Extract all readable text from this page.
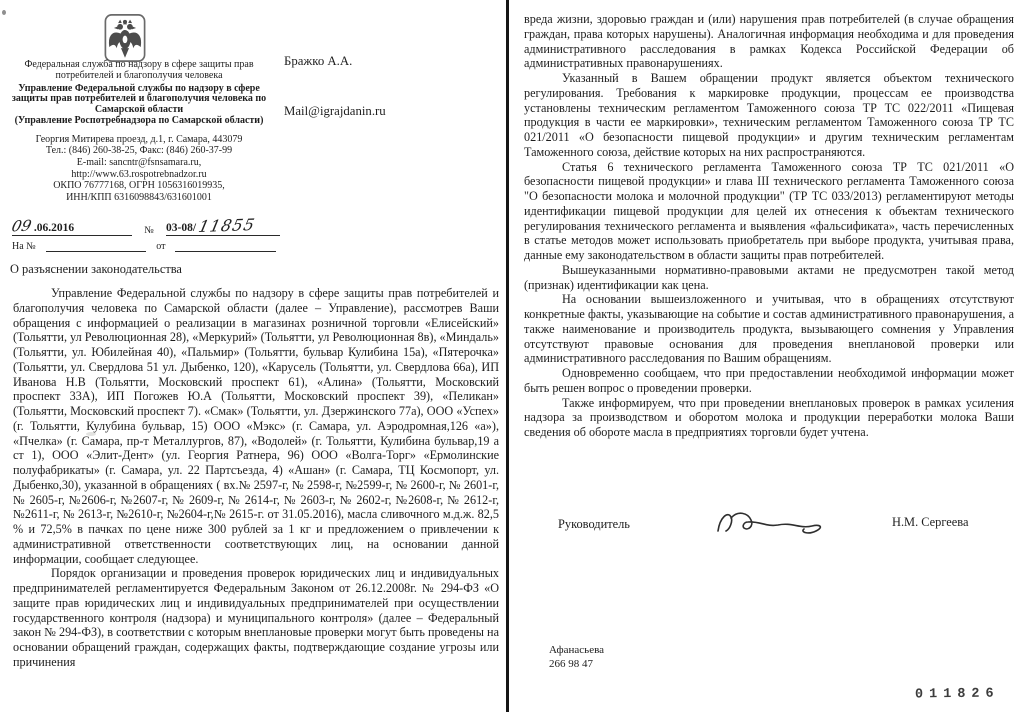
Федеральная служба по надзору в сфере защиты прав потребителей и благополучия человека
Управление Федеральной службы по надзору в сфере защиты прав потребителей и благополучия человека по Самарской области
(Управление Роспотребнадзора по Самарской области)
Георгия Митирева проезд, д.1, г. Самара, 443079
Тел.: (846) 260-38-25, Факс: (846) 260-37-99
E-mail: sancntr@fsnsamara.ru,
http://www.63.rospotrebnadzor.ru
ОКПО 76777168, ОГРН 1056316019935,
ИНН/КПП 6316098843/631601001
09 .06.2016	№	03-08/ 11855
На №	от
Бражко А.А.
Mail@igrajdanin.ru
О разъяснении законодательства

Управление Федеральной службы по надзору в сфере защиты прав потребителей и благополучия человека по Самарской области (далее – Управление), рассмотрев Ваши обращения с информацией о реализации в магазинах розничной торговли «Елисейский» (Тольятти, ул Революционная 28), «Меркурий» (Тольятти, ул Революционная 8в), «Миндаль» (Тольятти, ул. Юбилейная 40), «Пальмир» (Тольятти, бульвар Кулибина 15а), «Пятерочка» (Тольятти, ул. Свердлова 51 ул. Дыбенко, 120), «Карусель (Тольятти, ул. Свердлова 66а), ИП Иванова Н.В (Тольятти, Московский проспект 61), «Алина» (Тольятти, Московский проспект 33А), ИП Погожев Ю.А (Тольятти, Московский проспект 39), «Пеликан» (Тольятти, Московский проспект 7). «Смак» (Тольятти, ул. Дзержинского 77а), ООО «Успех» (г. Тольятти, Кулубина бульвар, 15) ООО «Мэкс» (г. Самара, ул. Аэродромная,126 «а»), «Пчелка» (г. Самара, пр-т Металлургов, 87), «Водолей» (г. Тольятти, Кулибина бульвар,19 а ст 1), ООО «Элит-Дент» (ул. Георгия Ратнера, 96) ООО «Волга-Торг» «Ермолинские полуфабрикаты» (г. Самара, ул. 22 Партсъезда, 4) «Ашан» (г. Самара, ТЦ Космопорт, ул. Дыбенко,30), указанной в обращениях ( вх.№ 2597-г, № 2598-г, №2599-г, № 2600-г, № 2601-г,№ 2605-г, №2606-г, №2607-г, № 2609-г, № 2614-г, № 2603-г, № 2602-г, №2608-г, № 2612-г, №2611-г, № 2613-г, №2610-г, №2604-г,№ 2615-г. от 31.05.2016), масла сливочного м.д.ж. 82,5 % и 72,5% в пачках по цене ниже 300 рублей за 1 кг и предложением о привлечении к административной ответственности соответствующих лиц, на основании данной информации, сообщает следующее.

Порядок организации и проведения проверок юридических лиц и индивидуальных предпринимателей регламентируется Федеральным Законом от 26.12.2008г. № 294-ФЗ «О защите прав юридических лиц и индивидуальных предпринимателей при осуществлении государственного контроля (надзора) и муниципального контроля» (далее – Федеральный закон № 294-ФЗ), в соответствии с которым внеплановые проверки могут быть проведены на основании обращений граждан, содержащих факты, подтверждающие создание угрозы или причинения

вреда жизни, здоровью граждан и (или) нарушения прав потребителей (в случае обращения граждан, права которых нарушены). Аналогичная информация необходима и для проведения административного расследования в рамках Кодекса Российской Федерации об административных правонарушениях.

Указанный в Вашем обращении продукт является объектом технического регулирования. Требования к маркировке продукции, процессам ее производства установлены техническим регламентом Таможенного союза ТР ТС 022/2011 «Пищевая продукция в части ее маркировки», техническим регламентом Таможенного союза ТР ТС 021/2011 «О безопасности пищевой продукции» и другим техническим регламентам Таможенного союза, действие которых на них распространяются.

Статья 6 технического регламента Таможенного союза ТР ТС 021/2011 «О безопасности пищевой продукции» и глава III технического регламента Таможенного союза "О безопасности молока и молочной продукции" (ТР ТС 033/2013) регламентируют методы идентификации пищевой продукции для целей их отнесения к объектам технического регулирования технического регламента и выявления «фальсификата», часть перечисленных в статье методов может использовать приобретатель при выборе продукта, учитывая права, данные ему законодательством в области защиты прав потребителей.

Вышеуказанными нормативно-правовыми актами не предусмотрен такой метод (признак) идентификации как цена.

На основании вышеизложенного и учитывая, что в обращениях отсутствуют конкретные факты, указывающие на событие и состав административного правонарушения, а также наименование и производитель продукта, вызывающего сомнения у Управления отсутствуют правовые основания для проведения внеплановой проверки или административного расследования по Вашим обращениям.

Одновременно сообщаем, что при предоставлении необходимой информации может быть решен вопрос о проведении проверки.

Также информируем, что при проведении внеплановых проверок в рамках усиления надзора за производством и оборотом молока и продукции переработки молока Ваши сведения об обороте масла в предприятиях торговли будет учтена.

Руководитель	Н.М. Сергеева
Афанасьева
266 98 47
011826
